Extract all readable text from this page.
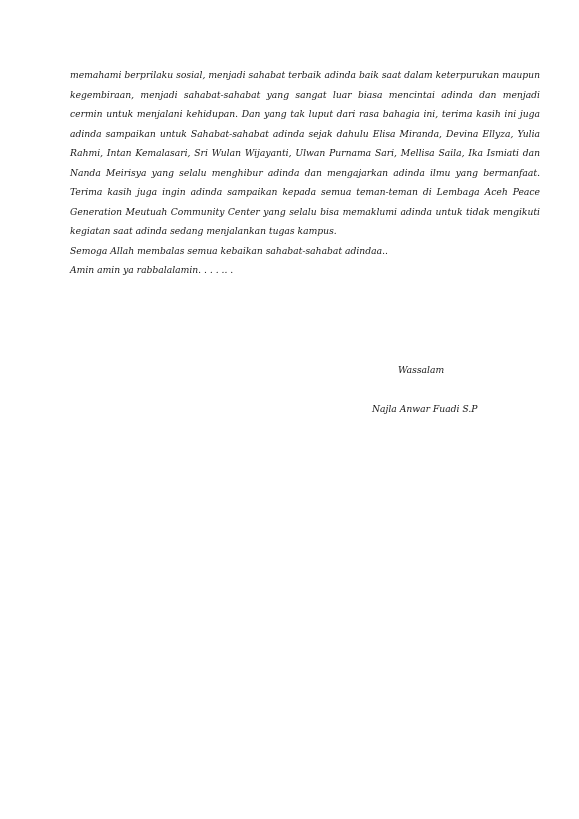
memahami berprilaku sosial, menjadi sahabat terbaik adinda baik saat dalam keterpurukan maupun kegembiraan, menjadi sahabat-sahabat yang sangat luar biasa mencintai adinda dan menjadi cermin untuk menjalani kehidupan. Dan yang tak luput dari rasa bahagia ini, terima kasih ini juga adinda sampaikan untuk Sahabat-sahabat adinda sejak dahulu Elisa Miranda, Devina Ellyza, Yulia Rahmi, Intan Kemalasari, Sri Wulan Wijayanti, Ulwan Purnama Sari, Mellisa Saila, Ika Ismiati dan Nanda Meirisya yang selalu menghibur adinda dan mengajarkan adinda ilmu yang bermanfaat. Terima kasih juga ingin adinda sampaikan kepada semua teman-teman di Lembaga Aceh Peace Generation Meutuah Community Center yang selalu bisa memaklumi adinda untuk tidak mengikuti kegiatan saat adinda sedang menjalankan tugas kampus.

Semoga Allah membalas semua kebaikan sahabat-sahabat adindaa..

Amin amin ya rabbalalamin. . . . .. .

Wassalam
Najla Anwar Fuadi S.P
